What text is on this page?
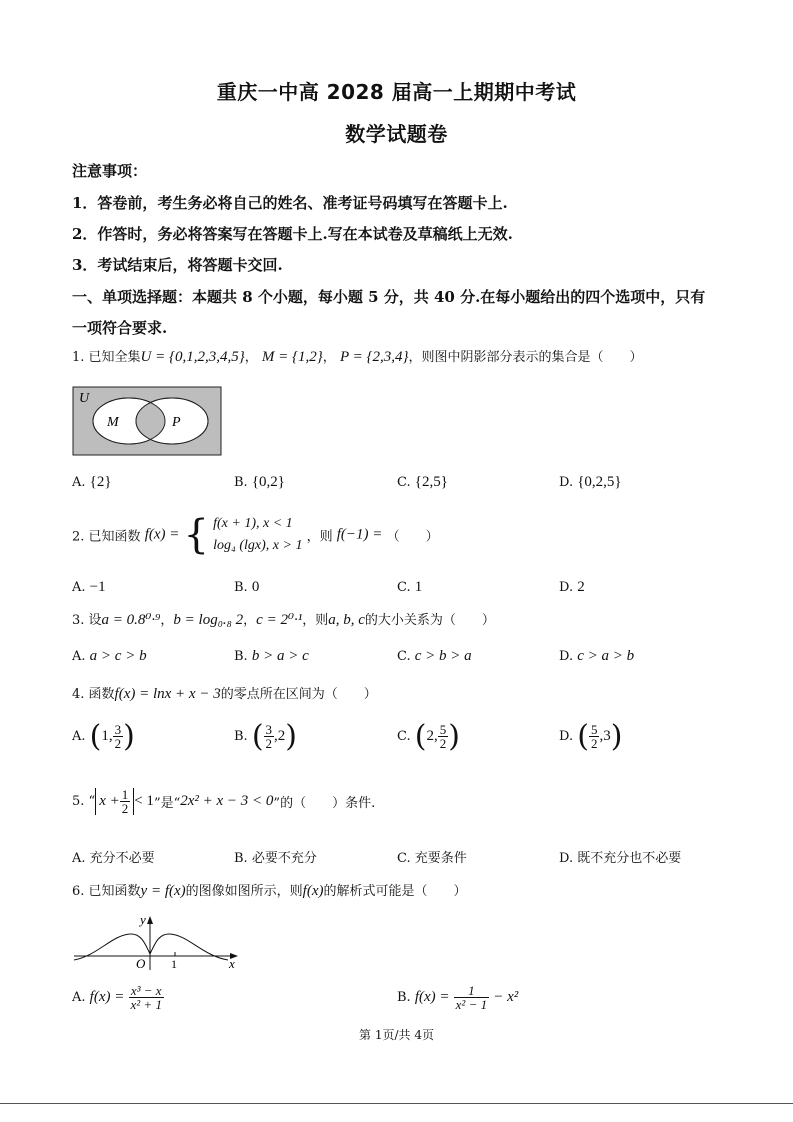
重庆一中高 2028 届高一上期期中考试
数学试题卷
注意事项：
1．答卷前，考生务必将自己的姓名、准考证号码填写在答题卡上.
2．作答时，务必将答案写在答题卡上.写在本试卷及草稿纸上无效.
3．考试结束后，将答题卡交回.
一、单项选择题：本题共 8 个小题，每小题 5 分，共 40 分.在每小题给出的四个选项中，只有
一项符合要求.
1. 已知全集U = {0,1,2,3,4,5}， M = {1,2}， P = {2,3,4}，则图中阴影部分表示的集合是（　　）
U
M	P
A. {2}	B. {0,2}	C. {2,5}	D. {0,2,5}
2. 已知函数 f(x) = { f(x + 1), x < 1
log₄ (lgx), x > 1
，则 f(−1) = （　　）
A. −1	B. 0	C. 1	D. 2
3. 设a = 0.8⁰·⁹，b = log₀.₈ 2，c = 2⁰·¹，则a, b, c的大小关系为（　　）
A. a > c > b	B. b > a > c	C. c > b > a	D. c > a > b
4. 函数f(x) = lnx + x − 3的零点所在区间为（　　）
A. (1, $\frac{3}{2}$ )	B. ( $\frac{3}{2} ,2$)	C. (2, $\frac{5}{2}$ )	D. ( $\frac{5}{2} ,3$)
5. “ $x + \frac{1}{2} < 1$”是“2x² + x − 3 < 0”的（　　）条件.
A. 充分不必要	B. 必要不充分	C. 充要条件	D. 既不充分也不必要
6. 已知函数y = f(x)的图像如图所示，则f(x)的解析式可能是（　　）
y
x
O 1
A. $f(x) = \frac{\text{x³ − x}}{\text{x² + 1}}$	B. $f(x) = \frac{1}{\text{x² − 1}} - x^2$
第 1页/共 4页
